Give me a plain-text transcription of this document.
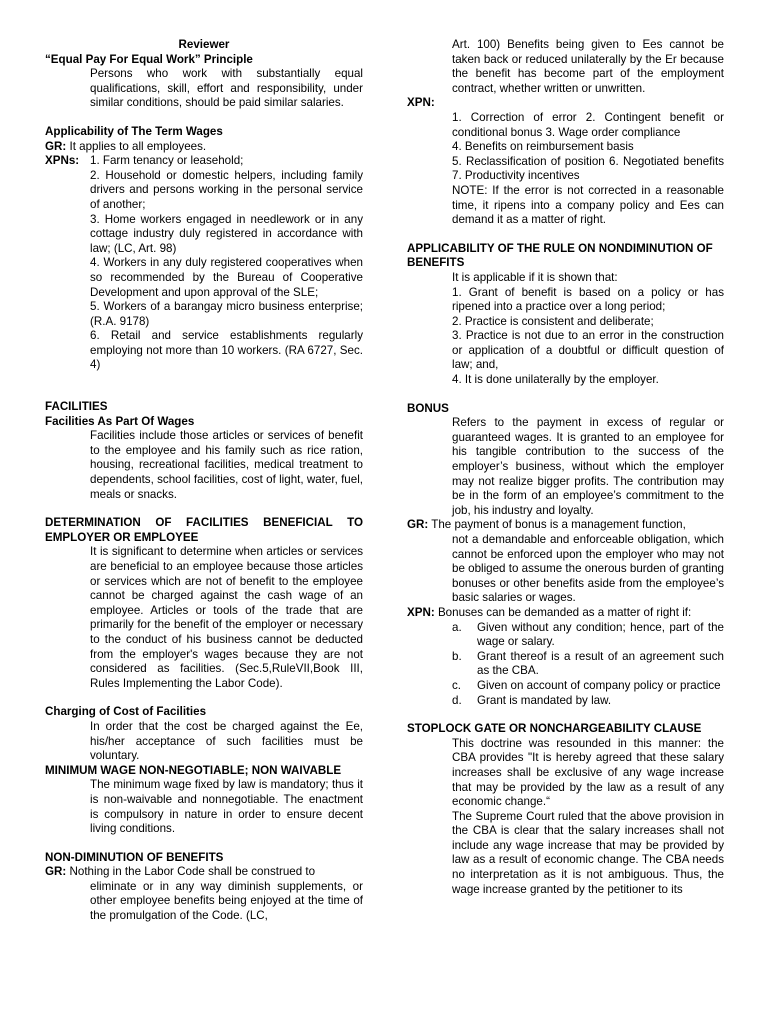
Reviewer
“Equal Pay For Equal Work” Principle
Persons who work with substantially equal qualifications, skill, effort and responsibility, under similar conditions, should be paid similar salaries.
Applicability of The Term Wages
GR: It applies to all employees.
XPNs: 1. Farm tenancy or leasehold;
2. Household or domestic helpers, including family drivers and persons working in the personal service of another;
3. Home workers engaged in needlework or in any cottage industry duly registered in accordance with law; (LC, Art. 98)
4. Workers in any duly registered cooperatives when so recommended by the Bureau of Cooperative Development and upon approval of the SLE;
5. Workers of a barangay micro business enterprise; (R.A. 9178)
6. Retail and service establishments regularly employing not more than 10 workers. (RA 6727, Sec. 4)
FACILITIES
Facilities As Part Of Wages
Facilities include those articles or services of benefit to the employee and his family such as rice ration, housing, recreational facilities, medical treatment to dependents, school facilities, cost of light, water, fuel, meals or snacks.
DETERMINATION OF FACILITIES BENEFICIAL TO EMPLOYER OR EMPLOYEE
It is significant to determine when articles or services are beneficial to an employee because those articles or services which are not of benefit to the employee cannot be charged against the cash wage of an employee. Articles or tools of the trade that are primarily for the benefit of the employer or necessary to the conduct of his business cannot be deducted from the employer's wages because they are not considered as facilities. (Sec.5,RuleVII,Book III, Rules Implementing the Labor Code).
Charging of Cost of Facilities
In order that the cost be charged against the Ee, his/her acceptance of such facilities must be voluntary.
MINIMUM WAGE NON-NEGOTIABLE; NON WAIVABLE
The minimum wage fixed by law is mandatory; thus it is non-waivable and nonnegotiable. The enactment is compulsory in nature in order to ensure decent living conditions.
NON-DIMINUTION OF BENEFITS
GR: Nothing in the Labor Code shall be construed to
eliminate or in any way diminish supplements, or other employee benefits being enjoyed at the time of the promulgation of the Code. (LC,
Art. 100) Benefits being given to Ees cannot be taken back or reduced unilaterally by the Er because the benefit has become part of the employment contract, whether written or unwritten.
XPN:
1. Correction of error 2. Contingent benefit or conditional bonus 3. Wage order compliance
4. Benefits on reimbursement basis
5. Reclassification of position 6. Negotiated benefits 7. Productivity incentives
NOTE: If the error is not corrected in a reasonable time, it ripens into a company policy and Ees can demand it as a matter of right.
APPLICABILITY OF THE RULE ON NONDIMINUTION OF BENEFITS
It is applicable if it is shown that:
1. Grant of benefit is based on a policy or has ripened into a practice over a long period;
2. Practice is consistent and deliberate;
3. Practice is not due to an error in the construction or application of a doubtful or difficult question of law; and,
4. It is done unilaterally by the employer.
BONUS
Refers to the payment in excess of regular or guaranteed wages. It is granted to an employee for his tangible contribution to the success of the employer’s business, without which the employer may not realize bigger profits. The contribution may be in the form of an employee’s commitment to the job, his industry and loyalty.
GR: The payment of bonus is a management function,
not a demandable and enforceable obligation, which cannot be enforced upon the employer who may not be obliged to assume the onerous burden of granting bonuses or other benefits aside from the employee’s basic salaries or wages.
XPN: Bonuses can be demanded as a matter of right if:
a.	Given without any condition; hence, part of the wage or salary.
b.	Grant thereof is a result of an agreement such as the CBA.
c.	Given on account of company policy or practice
d.	Grant is mandated by law.
STOPLOCK GATE OR NONCHARGEABILITY CLAUSE
This doctrine was resounded in this manner: the CBA provides "It is hereby agreed that these salary increases shall be exclusive of any wage increase that may be provided by the law as a result of any economic change.“
The Supreme Court ruled that the above provision in the CBA is clear that the salary increases shall not include any wage increase that may be provided by law as a result of economic change. The CBA needs no interpretation as it is not ambiguous. Thus, the wage increase granted by the petitioner to its
